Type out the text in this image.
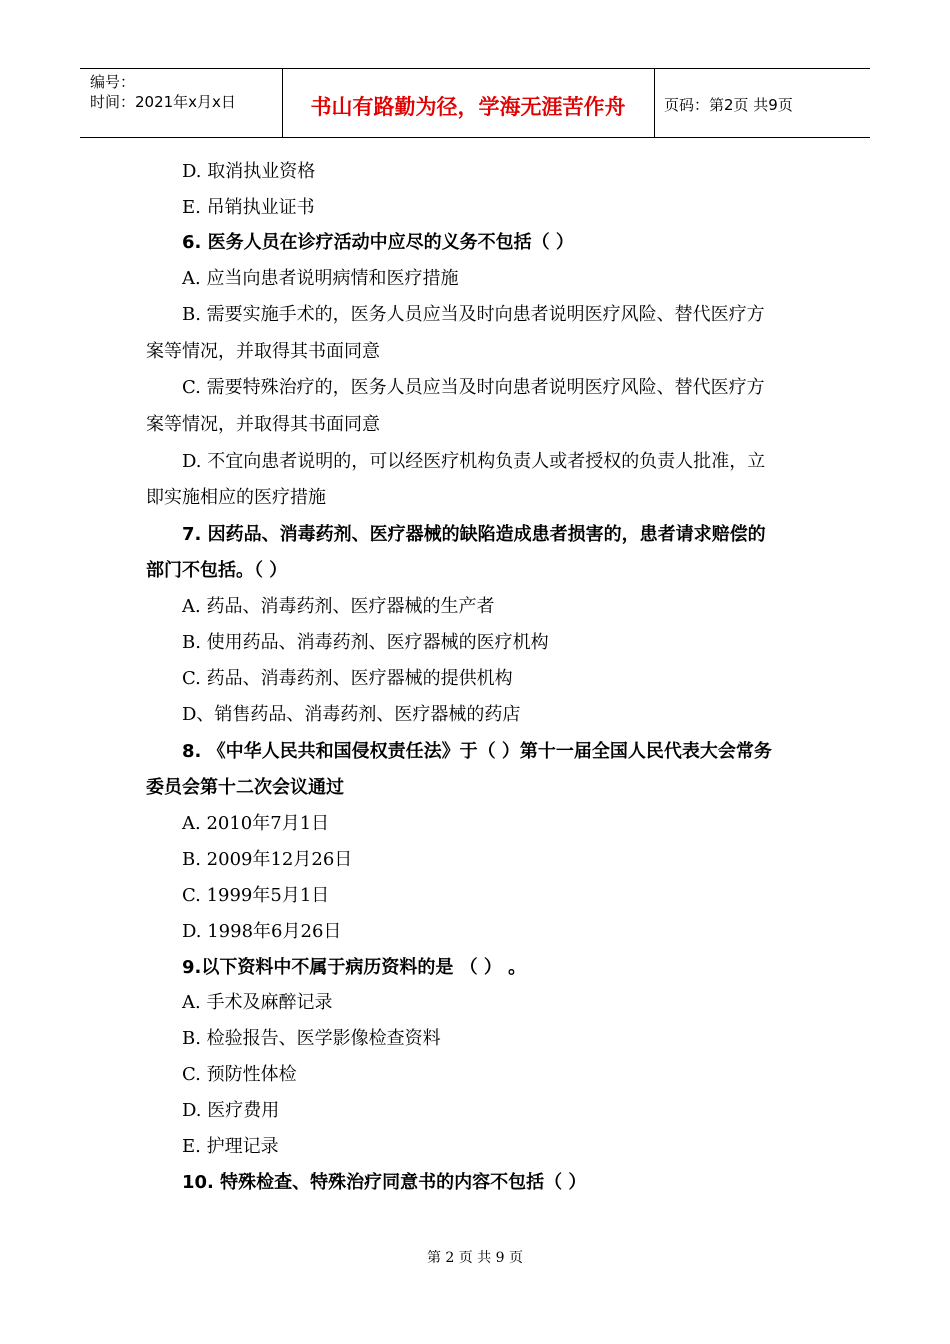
编号：
时间：2021年x月x日	书山有路勤为径，学海无涯苦作舟	页码：第2页 共9页
D. 取消执业资格
E. 吊销执业证书
6. 医务人员在诊疗活动中应尽的义务不包括（ ）
A. 应当向患者说明病情和医疗措施
B. 需要实施手术的，医务人员应当及时向患者说明医疗风险、替代医疗方
案等情况，并取得其书面同意
C. 需要特殊治疗的，医务人员应当及时向患者说明医疗风险、替代医疗方
案等情况，并取得其书面同意
D. 不宜向患者说明的，可以经医疗机构负责人或者授权的负责人批准，立
即实施相应的医疗措施
7. 因药品、消毒药剂、医疗器械的缺陷造成患者损害的，患者请求赔偿的
部门不包括。（ ）
A. 药品、消毒药剂、医疗器械的生产者
B. 使用药品、消毒药剂、医疗器械的医疗机构
C. 药品、消毒药剂、医疗器械的提供机构
D、销售药品、消毒药剂、医疗器械的药店
8. 《中华人民共和国侵权责任法》于（ ）第十一届全国人民代表大会常务
委员会第十二次会议通过
A. 2010年7月1日
B. 2009年12月26日
C. 1999年5月1日
D. 1998年6月26日
9.以下资料中不属于病历资料的是 （ ） 。
A. 手术及麻醉记录
B. 检验报告、医学影像检查资料
C. 预防性体检
D. 医疗费用
E. 护理记录
10. 特殊检查、特殊治疗同意书的内容不包括（ ）
第 2 页 共 9 页
